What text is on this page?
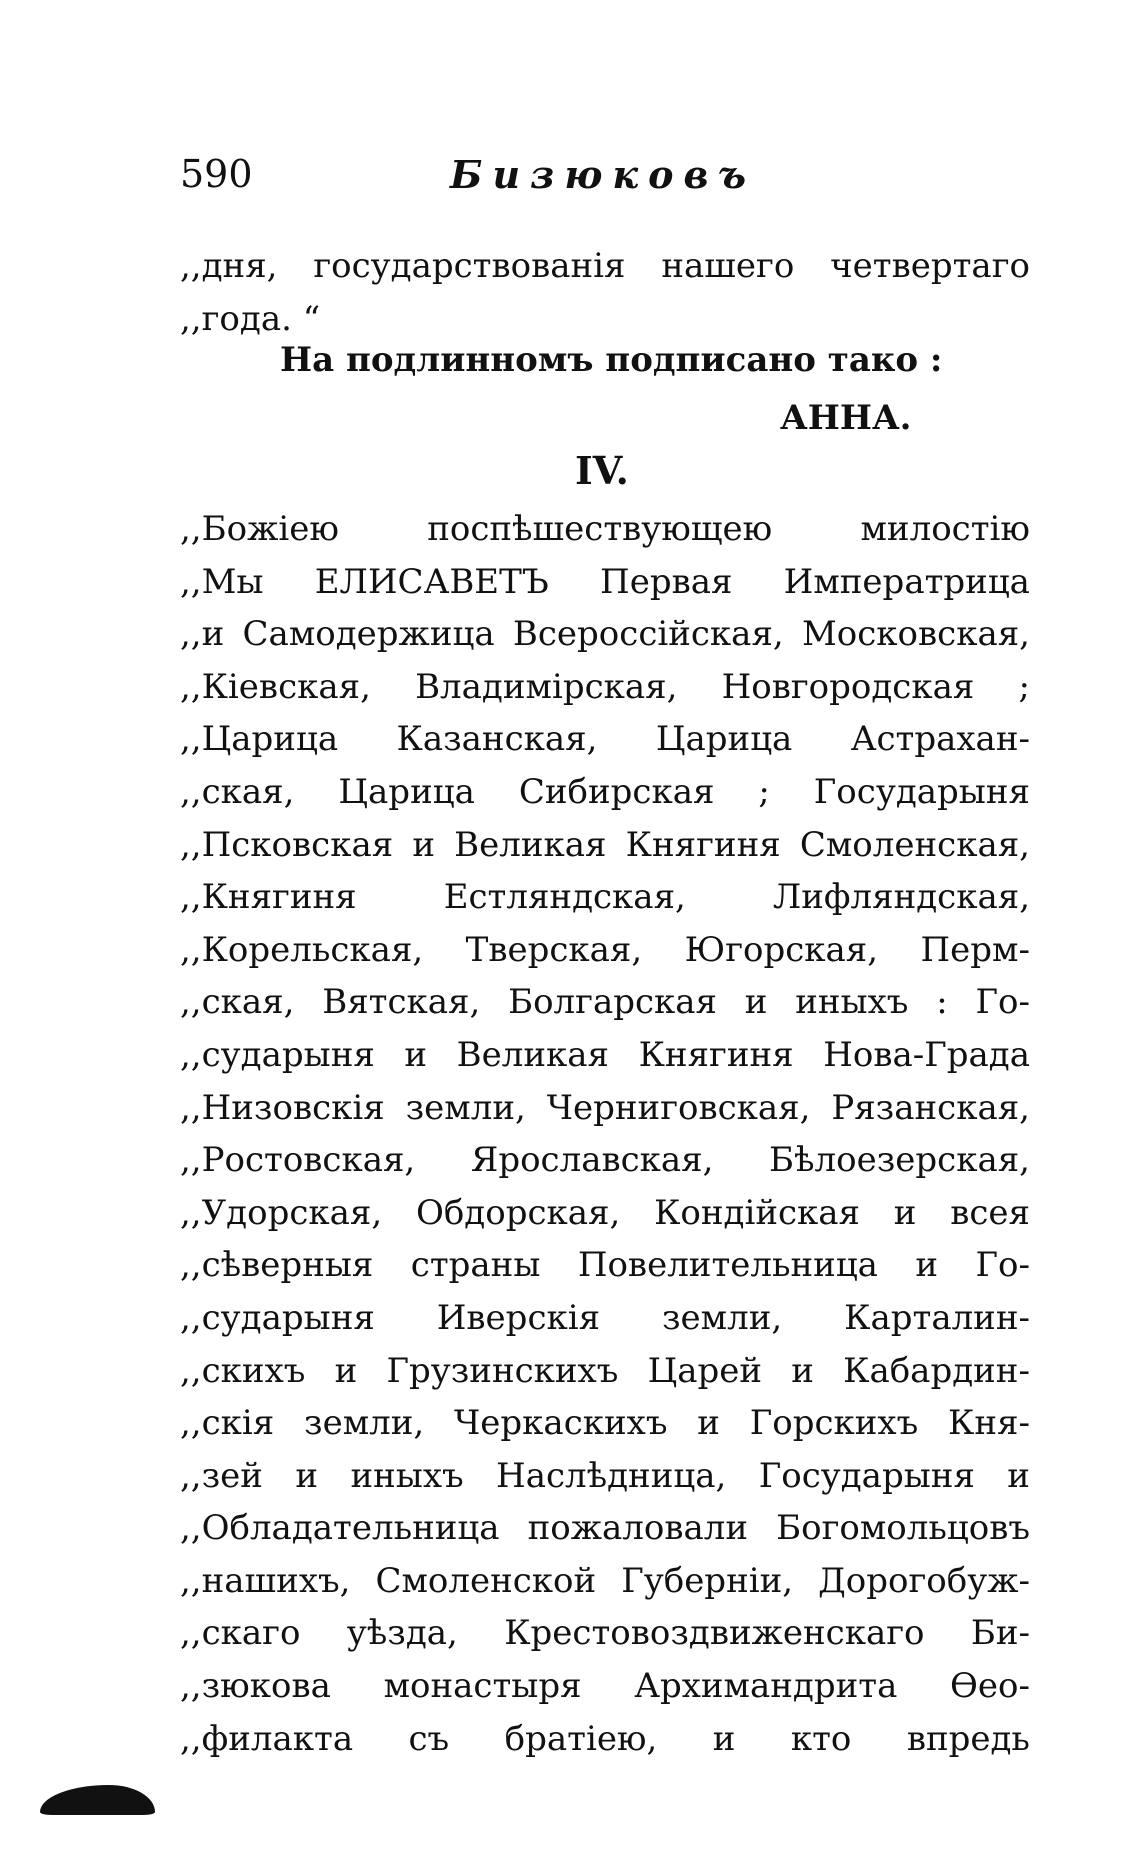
590	Бизюковъ
,,дня, государствованія нашего четвертаго
,,года. “
На подлинномъ подписано тако :
АННА.
IV.
,,Божіею	поспѣшествующею	милостію
,,Мы ЕЛИСАВЕТЪ Первая Императрица
,,и Самодержица Всероссійская, Московская,
,,Кіевская, Владимірская, Новгородская ;
,,Царица Казанская, Царица Астрахан-
,,ская, Царица Сибирская ; Государыня
,,Псковская и Великая Княгиня Смоленская,
,,Княгиня	Естляндская,	Лифляндская,
,,Корельская, Тверская, Югорская, Перм-
,,ская, Вятская, Болгарская и иныхъ : Го-
,,сударыня и Великая Княгиня Нова-Града
,,Низовскія земли, Черниговская, Рязанская,
,,Ростовская, Ярославская, Бѣлоезерская,
,,Удорская, Обдорская, Кондійская и всея
,,сѣверныя страны Повелительница и Го-
,,сударыня Иверскія земли, Карталин-
,,скихъ и Грузинскихъ Царей и Кабардин-
,,скія земли, Черкаскихъ и Горскихъ Кня-
,,зей и иныхъ Наслѣдница, Государыня и
,,Обладательница пожаловали Богомольцовъ
,,нашихъ, Смоленской Губерніи, Дорогобуж-
,,скаго уѣзда, Крестовоздвиженскаго Би-
,,зюкова монастыря Архимандрита Ѳео-
,,филакта съ братіею, и кто впредь
